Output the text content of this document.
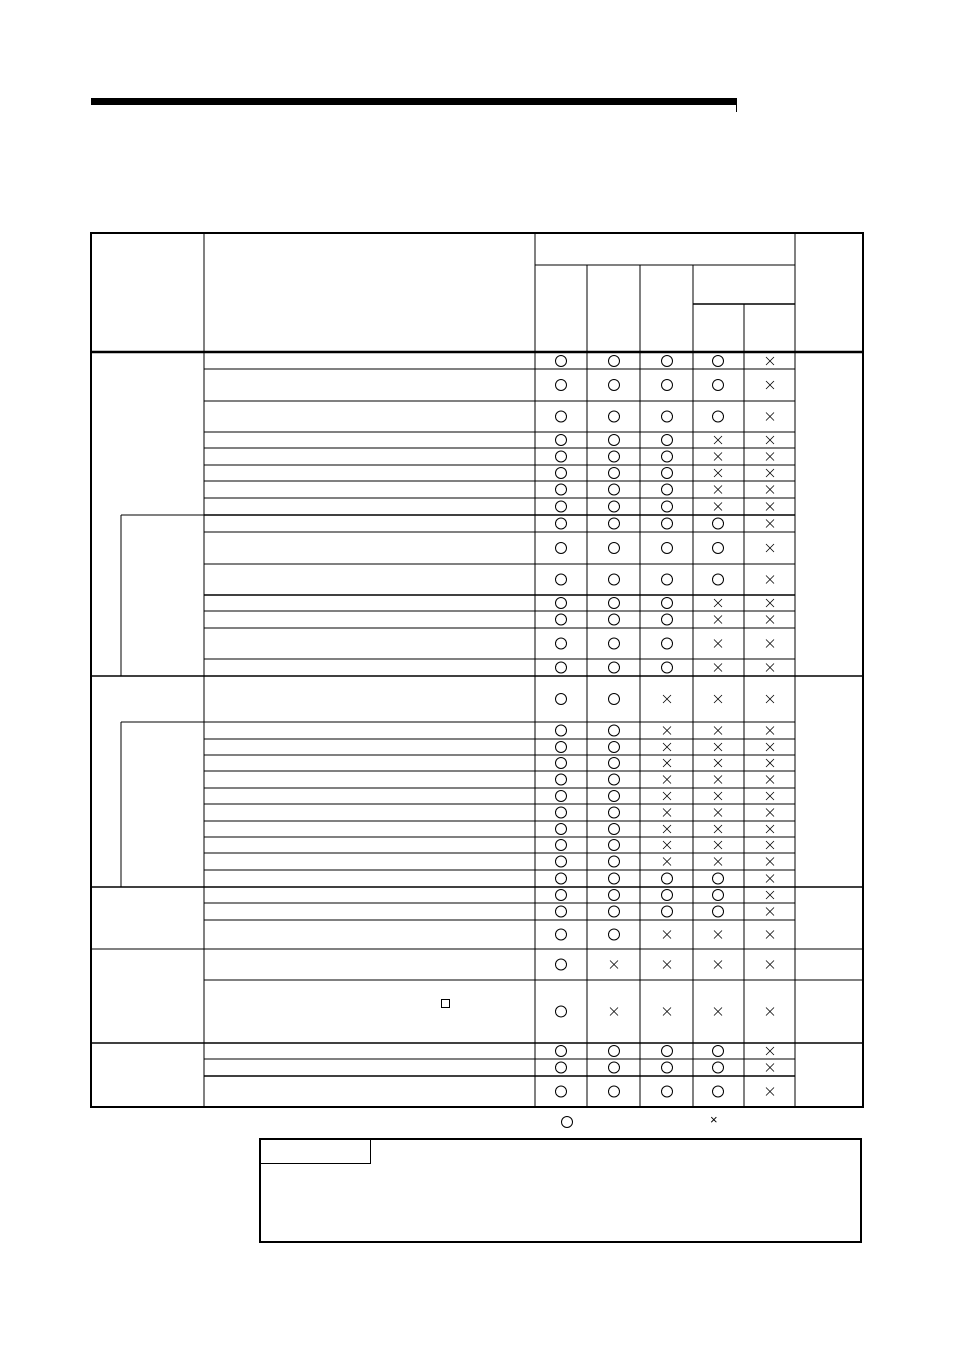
×
